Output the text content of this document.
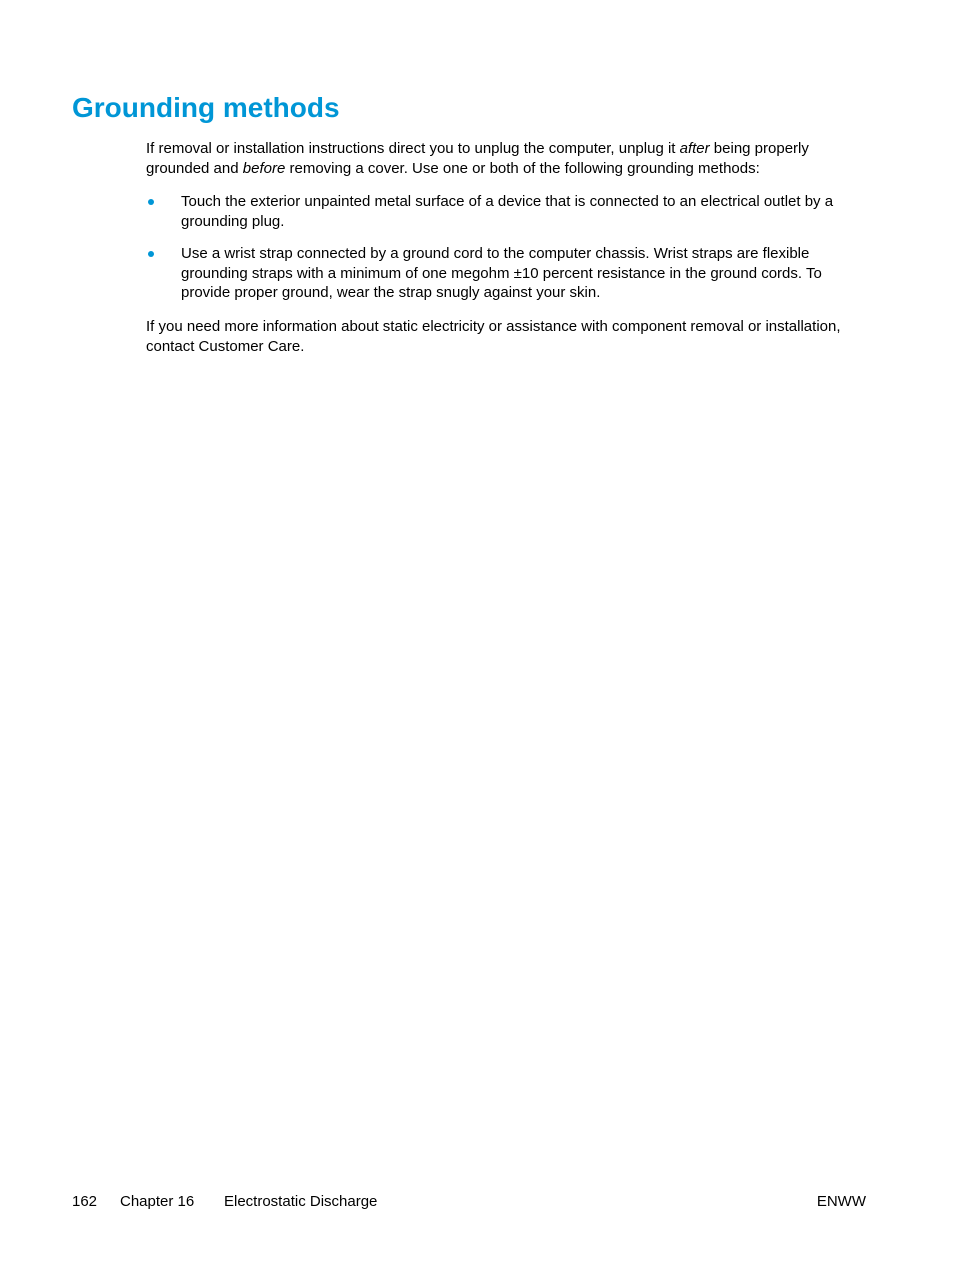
Grounding methods

If removal or installation instructions direct you to unplug the computer, unplug it after being properly grounded and before removing a cover. Use one or both of the following grounding methods:

Touch the exterior unpainted metal surface of a device that is connected to an electrical outlet by a grounding plug.
Use a wrist strap connected by a ground cord to the computer chassis. Wrist straps are flexible grounding straps with a minimum of one megohm ±10 percent resistance in the ground cords. To provide proper ground, wear the strap snugly against your skin.

If you need more information about static electricity or assistance with component removal or installation, contact Customer Care.

162 Chapter 16 Electrostatic Discharge	ENWW
